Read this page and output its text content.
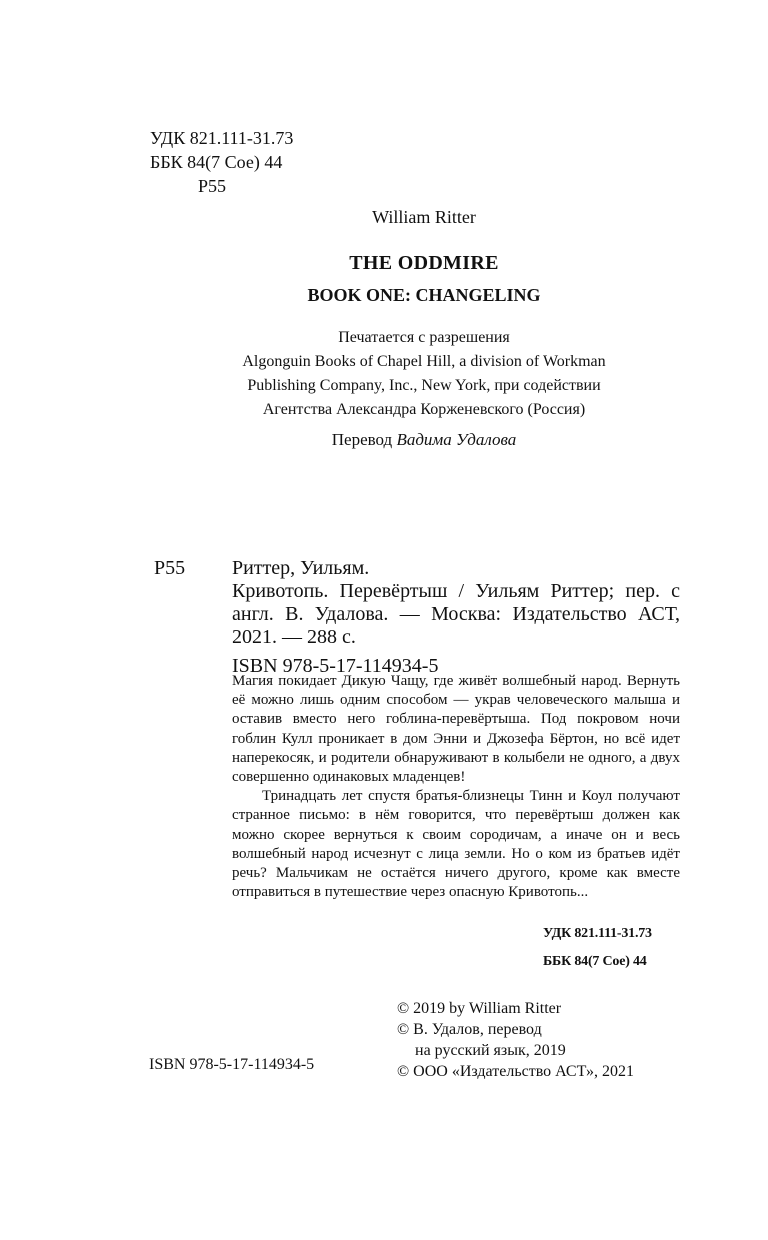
УДК 821.111-31.73
ББК 84(7 Сое) 44
Р55
William Ritter
THE ODDMIRE
BOOK ONE: CHANGELING
Печатается с разрешения
Algonguin Books of Chapel Hill, a division of Workman
Publishing Company, Inc., New York, при содействии
Агентства Александра Корженевского (Россия)
Перевод Вадима Удалова
Р55 Риттер, Уильям.
Кривотопь. Перевёртыш / Уильям Риттер; пер. с англ. В. Удалова. — Москва: Издательство АСТ, 2021. — 288 с.
ISBN 978-5-17-114934-5

Магия покидает Дикую Чащу, где живёт волшебный народ. Вернуть её можно лишь одним способом — украв человеческого малыша и оставив вместо него гоблина-перевёртыша. Под покровом ночи гоблин Кулл проникает в дом Энни и Джозефа Бёртон, но всё идет наперекосяк, и родители обнаруживают в колыбели не одного, а двух совершенно одинаковых младенцев!

Тринадцать лет спустя братья-близнецы Тинн и Коул получают странное письмо: в нём говорится, что перевёртыш должен как можно скорее вернуться к своим сородичам, а иначе он и весь волшебный народ исчезнут с лица земли. Но о ком из братьев идёт речь? Мальчикам не остаётся ничего другого, кроме как вместе отправиться в путешествие через опасную Кривотопь...

УДК 821.111-31.73
ББК 84(7 Сое) 44
© 2019 by William Ritter
© В. Удалов, перевод
на русский язык, 2019
© ООО «Издательство АСТ», 2021
ISBN 978-5-17-114934-5
